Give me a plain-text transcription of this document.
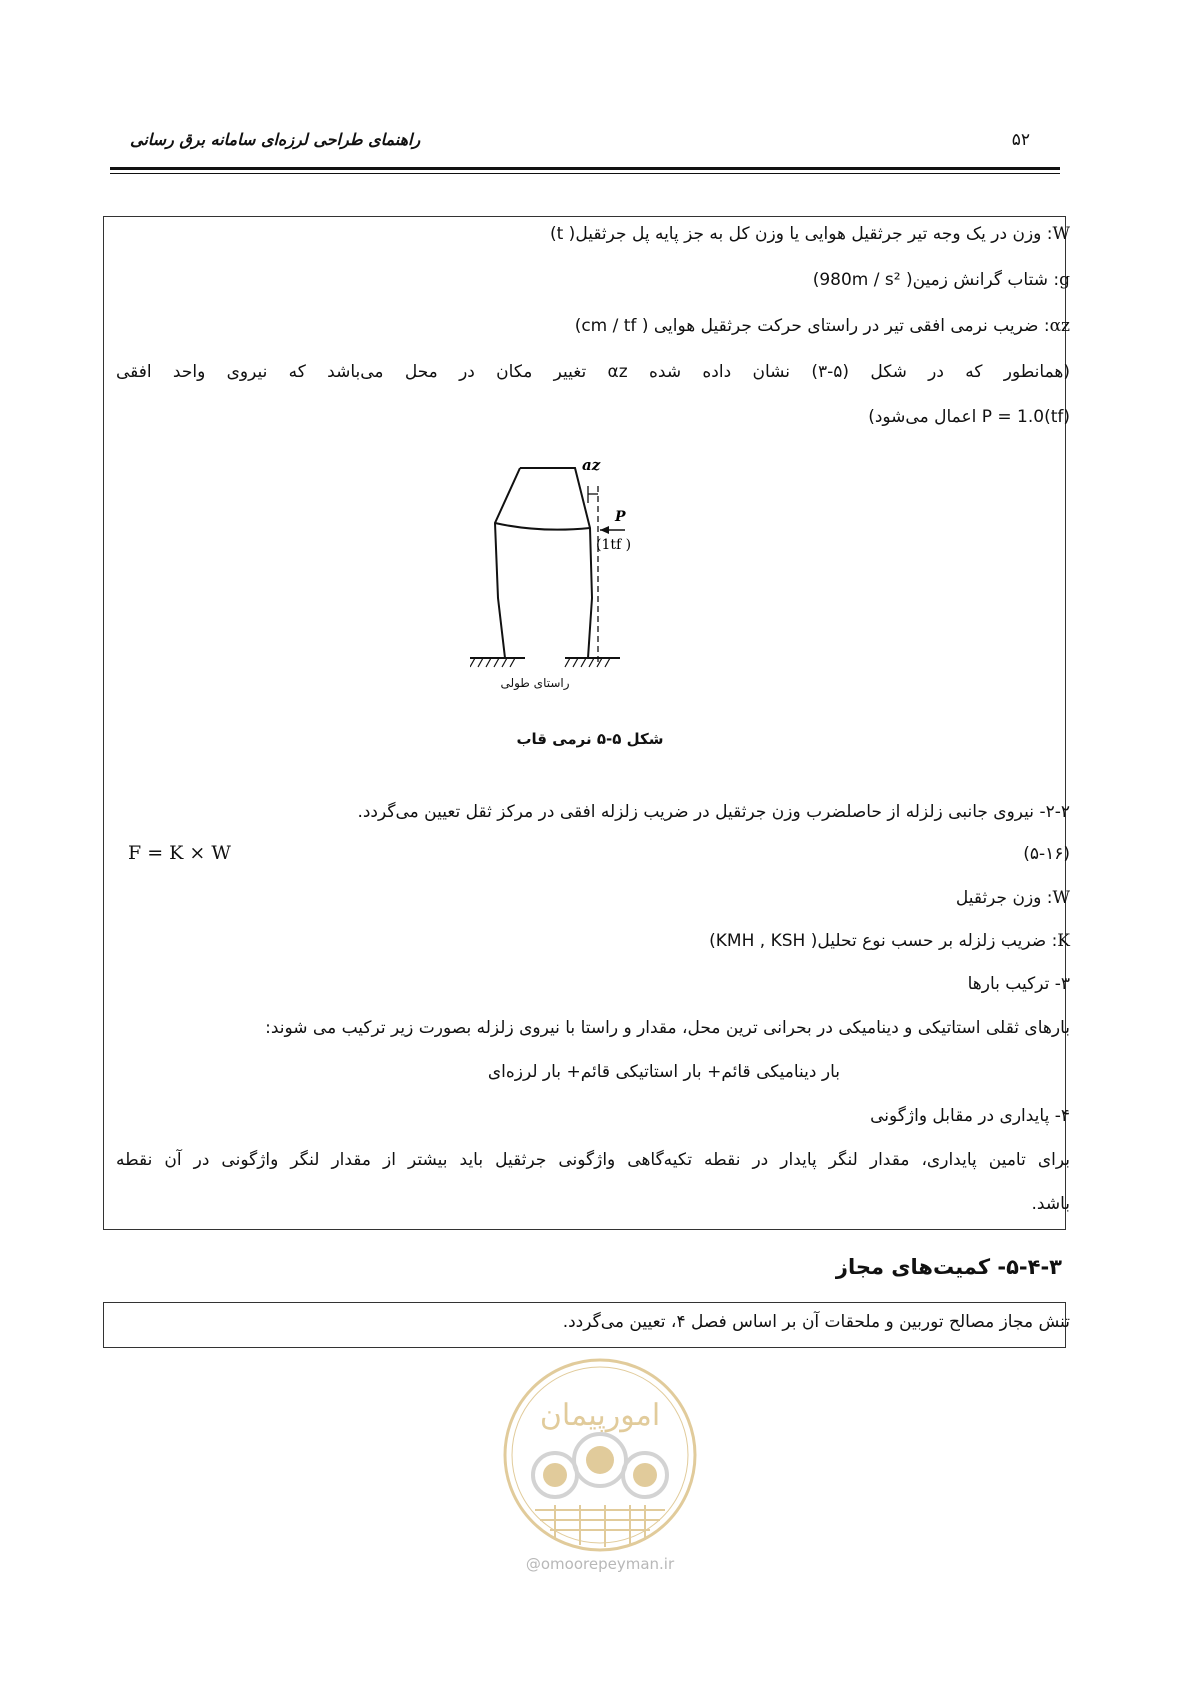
راهنمای طراحی لرزه‌ای سامانه برق رسانی	۵۲
W: وزن در یک وجه تیر جرثقیل هوایی یا وزن کل به جز پایه پل جرثقیل( t)
g: شتاب گرانش زمین( 980m / s²)
αz: ضریب نرمی افقی تیر در راستای حرکت جرثقیل هوایی ( cm / tf)
(همانطور که در شکل (۵-۳) نشان داده شده αz تغییر مکان در محل می‌باشد که نیروی واحد افقی
P = 1.0(tf) اعمال می‌شود)
az
P
(1tf )
راستای طولی
شکل ۵-۵ نرمی قاب
۲-۲- نیروی جانبی زلزله از حاصلضرب وزن جرثقیل در ضریب زلزله افقی در مرکز ثقل تعیین می‌گردد.
(۵-۱۶)
F = K × W
W: وزن جرثقیل
K: ضریب زلزله بر حسب نوع تحلیل( KMH , KSH)
۳- ترکیب بارها
بارهای ثقلی استاتیکی و دینامیکی در بحرانی ترین محل، مقدار و راستا با نیروی زلزله بصورت زیر ترکیب می شوند:
بار دینامیکی قائم+ بار استاتیکی قائم+ بار لرزه‌ای
۴- پایداری در مقابل واژگونی
برای تامین پایداری، مقدار لنگر پایدار در نقطه تکیه‌گاهی واژگونی جرثقیل باید بیشتر از مقدار لنگر واژگونی در آن نقطه
باشد.
۵-۴-۳- کمیت‌های مجاز
تنش مجاز مصالح توربین و ملحقات آن بر اساس فصل ۴، تعیین می‌گردد.
امورپیمان
@omoorepeyman.ir
